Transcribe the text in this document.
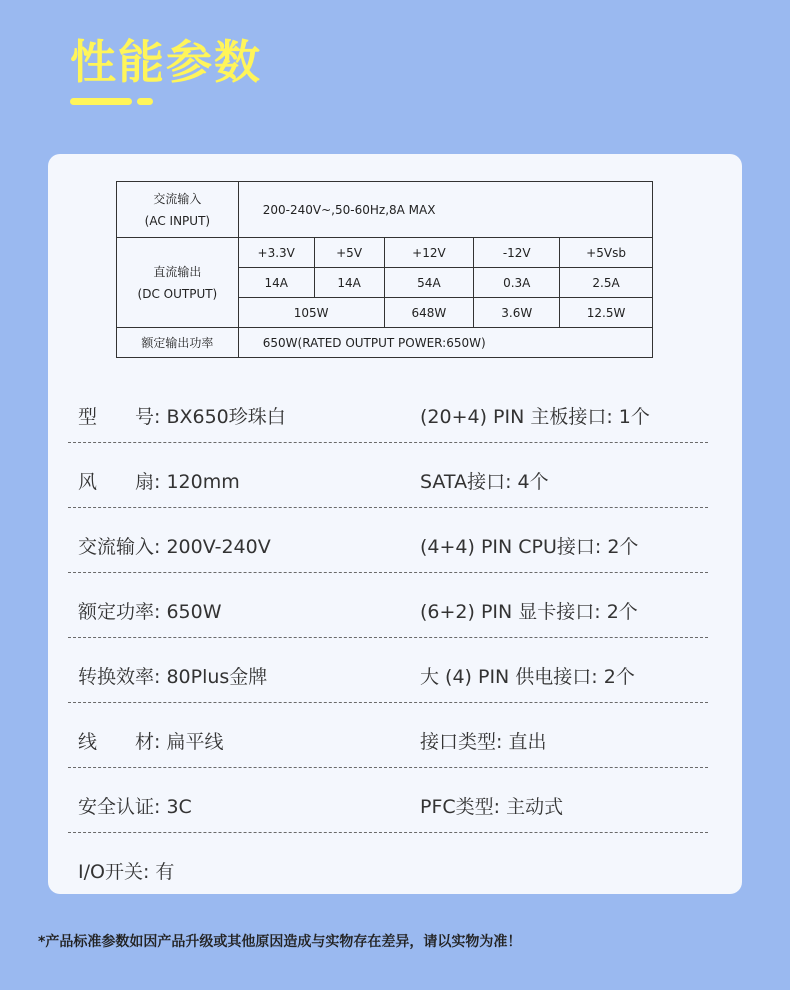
性能参数
交流输入
(AC INPUT)	200-240V~,50-60Hz,8A MAX				

直流输出
(DC OUTPUT)	+3.3V	+5V	+12V	-12V	+5Vsb
	14A	14A	54A	0.3A	2.5A
	105W		648W	3.6W	12.5W
额定输出功率	650W(RATED OUTPUT POWER:650W)				
型　　号: BX650珍珠白	(20+4) PIN 主板接口: 1个
风　　扇: 120mm	SATA接口: 4个
交流输入: 200V-240V	(4+4) PIN CPU接口: 2个
额定功率: 650W	(6+2) PIN 显卡接口: 2个
转换效率: 80Plus金牌	大 (4) PIN 供电接口: 2个
线　　材: 扁平线	接口类型: 直出
安全认证: 3C	PFC类型: 主动式
I/O开关: 有
*产品标准参数如因产品升级或其他原因造成与实物存在差异，请以实物为准！
